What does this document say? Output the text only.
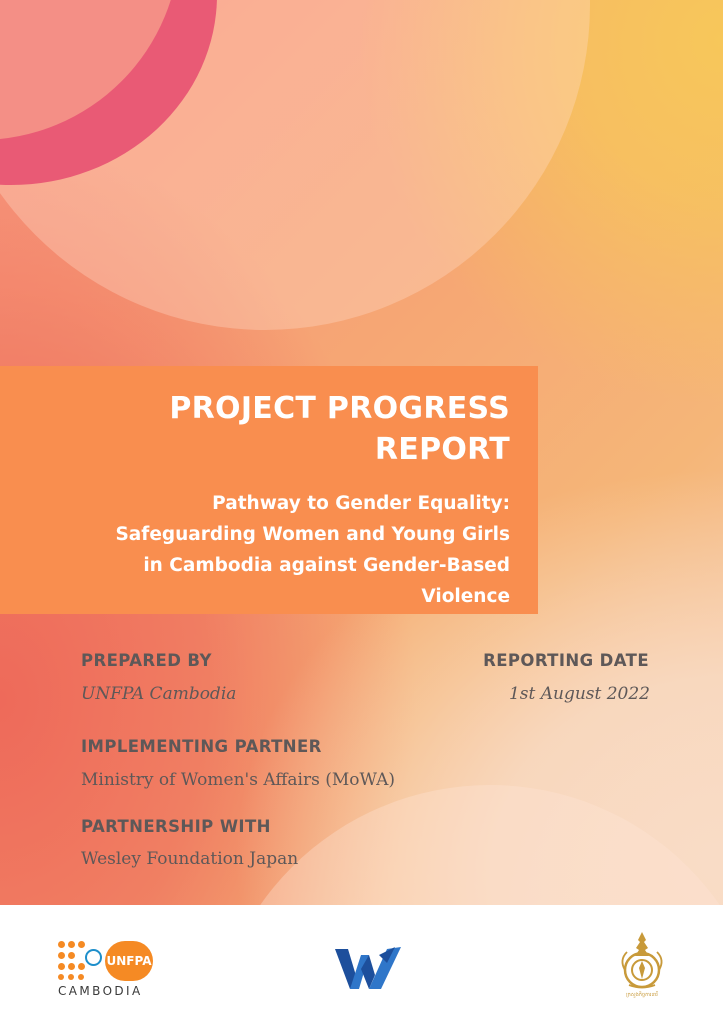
PROJECT PROGRESS
REPORT

Pathway to Gender Equality:
Safeguarding Women and Young Girls
in Cambodia against Gender-Based
Violence

PREPARED BY

UNFPA Cambodia

REPORTING DATE

1st August 2022

IMPLEMENTING PARTNER

Ministry of Women's Affairs (MoWA)

PARTNERSHIP WITH

Wesley Foundation Japan

UNFPA

CAMBODIA	ក្រសួងកិច្ចការនារី
